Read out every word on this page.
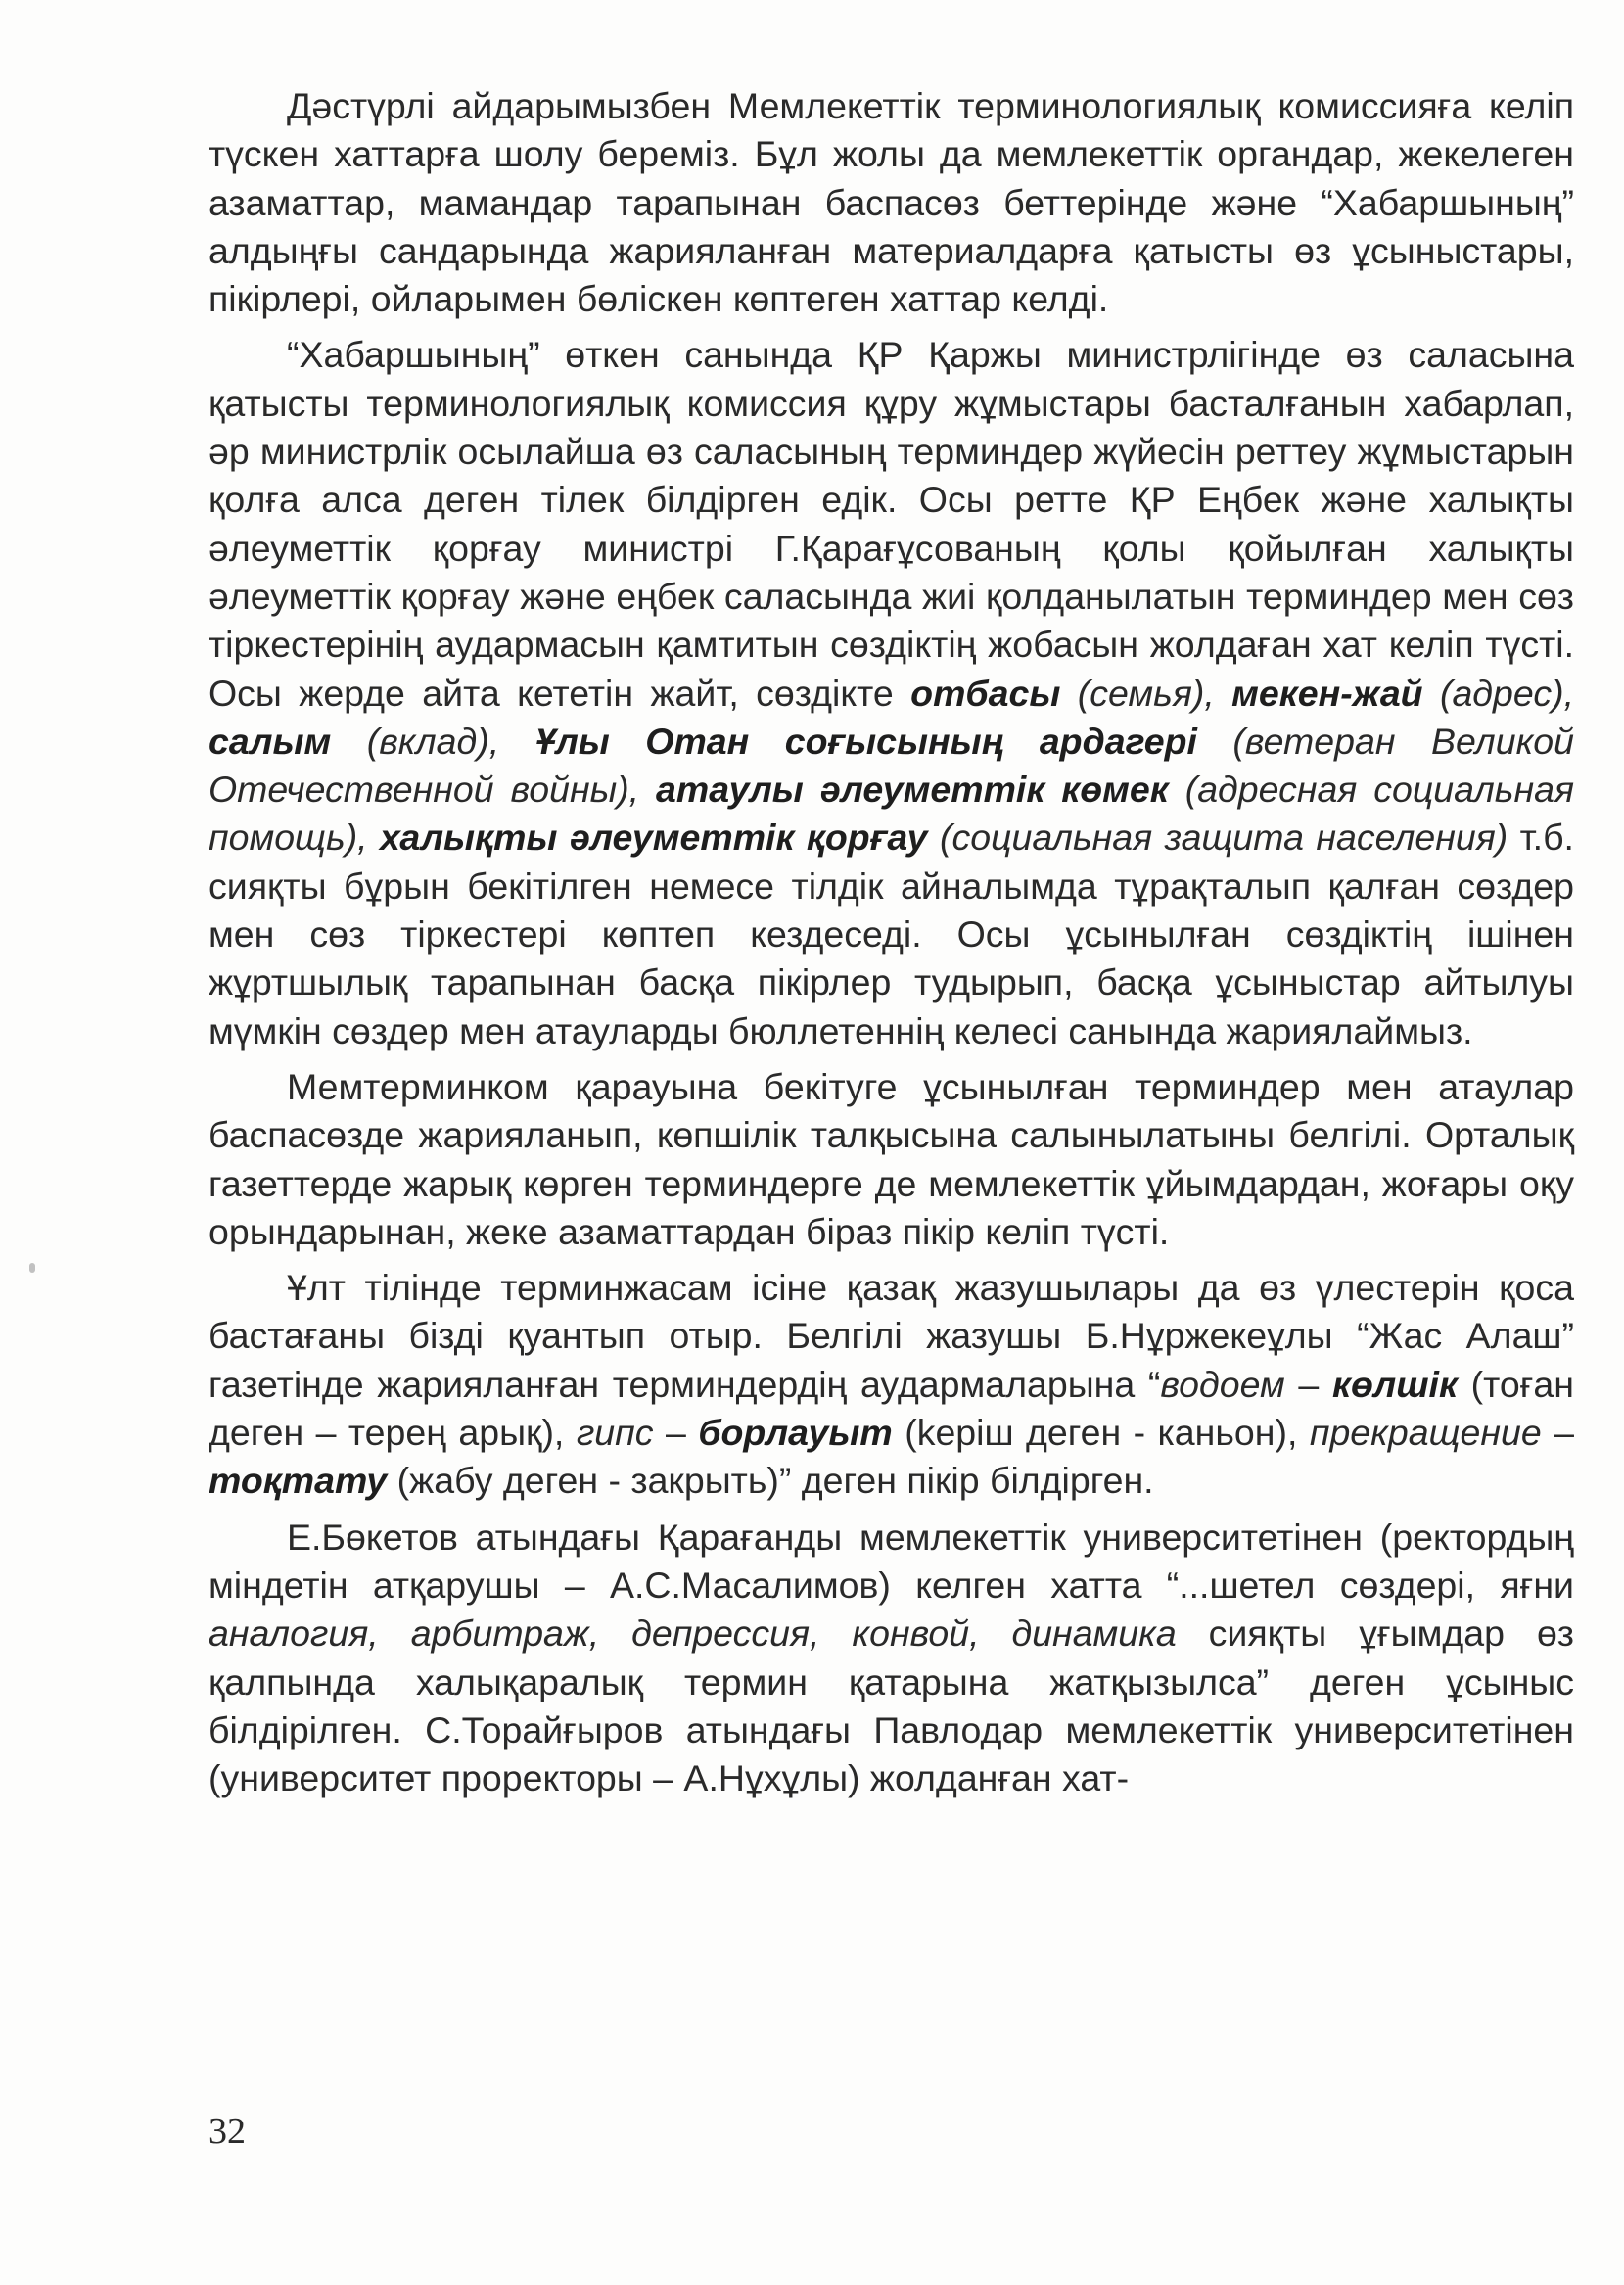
Дәстүрлі айдарымызбен Мемлекеттік терминологиялық комиссияға келіп түскен хаттарға шолу береміз. Бұл жолы да мемлекеттік органдар, жекелеген азаматтар, мамандар тарапынан баспасөз беттерінде және “Хабаршының” алдыңғы сандарында жарияланған материалдарға қатысты өз ұсыныстары, пікірлері, ойларымен бөліскен көптеген хаттар келді.

“Хабаршының” өткен санында ҚР Қаржы министрлігінде өз саласына қатысты терминологиялық комиссия құру жұмыстары басталғанын хабарлап, әр министрлік осылайша өз саласының терминдер жүйесін реттеу жұмыстарын қолға алса деген тілек білдірген едік. Осы ретте ҚР Еңбек және халықты әлеуметтік қорғау министрі Г.Қарағұсованың қолы қойылған халықты әлеуметтік қорғау және еңбек саласында жиі қолданылатын терминдер мен сөз тіркестерінің аудармасын қамтитын сөздіктің жобасын жолдаған хат келіп түсті. Осы жерде айта кететін жайт, сөздікте отбасы (семья), мекен-жай (адрес), салым (вклад), Ұлы Отан соғысының ардагері (ветеран Великой Отечественной войны), атаулы әлеуметтік көмек (адресная социальная помощь), халықты әлеуметтік қорғау (социальная защита населения) т.б. сияқты бұрын бекітілген немесе тілдік айналымда тұрақталып қалған сөздер мен сөз тіркестері көптеп кездеседі. Осы ұсынылған сөздіктің ішінен жұртшылық тарапынан басқа пікірлер тудырып, басқа ұсыныстар айтылуы мүмкін сөздер мен атауларды бюллетеннің келесі санында жариялаймыз.

Мемтерминком қарауына бекітуге ұсынылған терминдер мен атаулар баспасөзде жарияланып, көпшілік талқысына салынылатыны белгілі. Орталық газеттерде жарық көрген терминдерге де мемлекеттік ұйымдардан, жоғары оқу орындарынан, жеке азаматтардан біраз пікір келіп түсті.

Ұлт тілінде терминжасам ісіне қазақ жазушылары да өз үлестерін қоса бастағаны бізді қуантып отыр. Белгілі жазушы Б.Нұржекеұлы “Жас Алаш” газетінде жарияланған терминдердің аудармаларына “водоем – көлшік (тоған деген – терең арық), гипс – борлауыт (keріш деген - каньон), прекращение – тоқтату (жабу деген - закрыть)” деген пікір білдірген.

Е.Бөкетов атындағы Қарағанды мемлекеттік университетінен (ректордың міндетін атқарушы – А.С.Масалимов) келген хатта “...шетел сөздері, яғни аналогия, арбитраж, депрессия, конвой, динамика сияқты ұғымдар өз қалпында халықаралық термин қатарына жатқызылса” деген ұсыныс білдірілген. С.Торайғыров атындағы Павлодар мемлекеттік университетінен (университет проректоры – А.Нұхұлы) жолданған хат-

32
